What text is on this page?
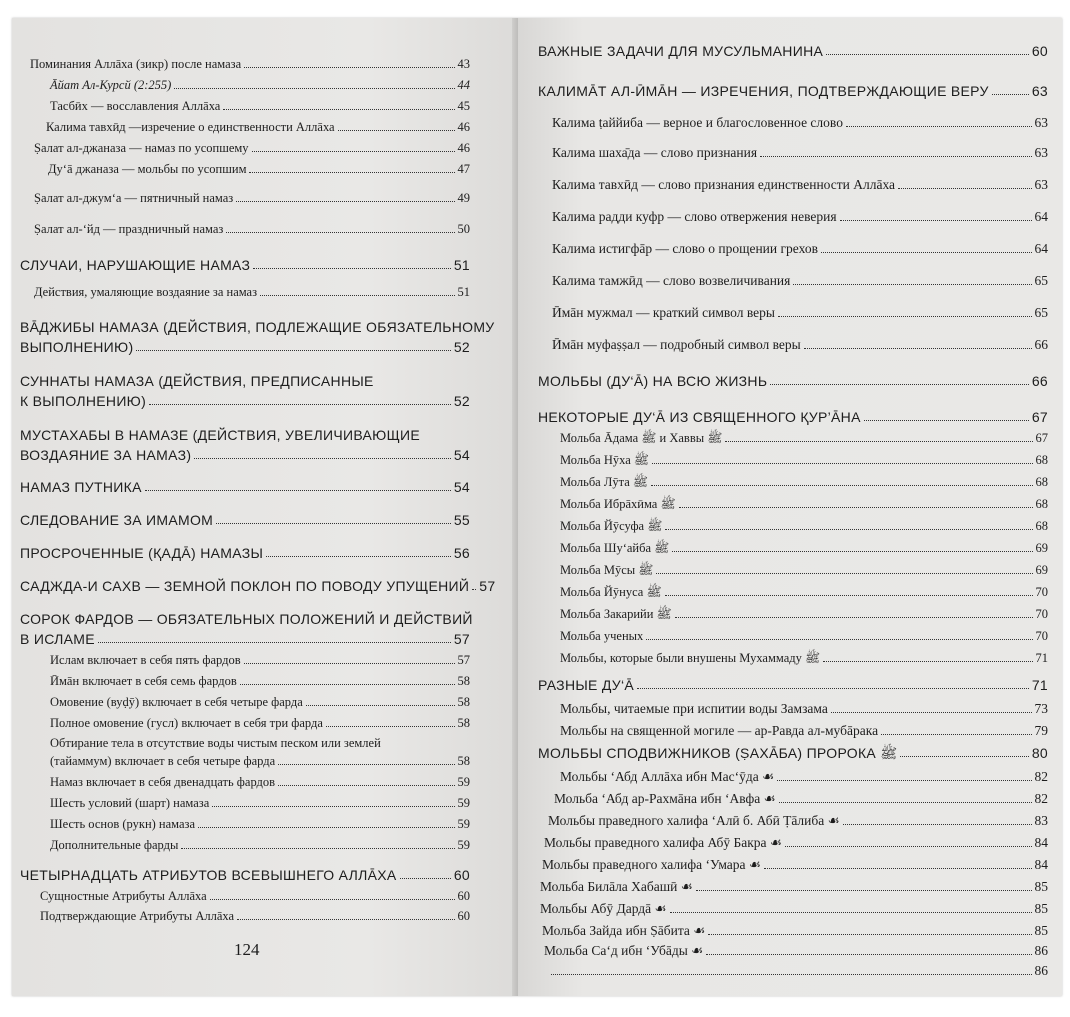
Поминания Аллāха (зикр) после намаза	43
Āйат Ал-Курсй (2:255)	44
Тасбӣх — восславления Аллāха	45
Калима тавхӣд —изречение о единственности Аллāха	46
Ṣалат ал-джаназа — намаз по усопшему	46
Ду‘ā джаназа — мольбы по усопшим	47
Ṣалат ал-джум‘а — пятничный намаз	49
Ṣалат ал-‘йд — праздничный намаз	50
СЛУЧАИ, НАРУШАЮЩИЕ НАМАЗ	51
Действия, умаляющие воздаяние за намаз	51
ВĀДЖИБЫ НАМАЗА (ДЕЙСТВИЯ, ПОДЛЕЖАЩИЕ ОБЯЗАТЕЛЬНОМУ
ВЫПОЛНЕНИЮ)	52
СУННАТЫ НАМАЗА (ДЕЙСТВИЯ, ПРЕДПИСАННЫЕ
К ВЫПОЛНЕНИЮ)	52
МУСТАХАБЫ В НАМАЗЕ (ДЕЙСТВИЯ, УВЕЛИЧИВАЮЩИЕ
ВОЗДАЯНИЕ ЗА НАМАЗ)	54
НАМАЗ ПУТНИКА	54
СЛЕДОВАНИЕ ЗА ИМАМОМ	55
ПРОСРОЧЕННЫЕ (ҚАДĀ) НАМАЗЫ	56
САДЖДА-И САХВ — ЗЕМНОЙ ПОКЛОН ПО ПОВОДУ УПУЩЕНИЙ 57
СОРОК ФАРДОВ — ОБЯЗАТЕЛЬНЫХ ПОЛОЖЕНИЙ И ДЕЙСТВИЙ
В ИСЛАМЕ	57
Ислам включает в себя пять фардов	57
Ӣмāн включает в себя семь фардов	58
Омовение (вуḍӯ) включает в себя четыре фарда	58
Полное омовение (гусл) включает в себя три фарда	58
Обтирание тела в отсутствие воды чистым песком или землей
(тайаммум) включает в себя четыре фарда	58
Намаз включает в себя двенадцать фардов	59
Шесть условий (шарт) намаза	59
Шесть основ (рукн) намаза	59
Дополнительные фарды	59
ЧЕТЫРНАДЦАТЬ АТРИБУТОВ ВСЕВЫШНЕГО АЛЛĀХА	60
Сущностные Атрибуты Аллāха	60
Подтверждающие Атрибуты Аллāха	60
124
ВАЖНЫЕ ЗАДАЧИ ДЛЯ МУСУЛЬМАНИНА	60
КАЛИМĀТ АЛ-ӢМĀН — ИЗРЕЧЕНИЯ, ПОДТВЕРЖДАЮЩИЕ ВЕРУ	63
Калима ṭаййиба — верное и благословенное слово	63
Калима шаха̄да — слово признания	63
Калима тавхӣд — слово признания единственности Аллāха	63
Калима радди куфр — слово отвержения неверия	64
Калима истигфāр — слово о прощении грехов	64
Калима тамжӣд — слово возвеличивания	65
Ӣмāн мужмал — краткий символ веры	65
Ӣмāн муфаṣṣал — подробный символ веры	66
МОЛЬБЫ (ДУ‘Ā) НА ВСЮ ЖИЗНЬ	66
НЕКОТОРЫЕ ДУ‘Ā ИЗ СВЯЩЕННОГО ҚУР’ĀНА	67
Мольба Āдама ﷺ и Хаввы ﷺ	67
Мольба Нӯха ﷺ	68
Мольба Лӯта ﷺ	68
Мольба Ибрāхӣма ﷺ	68
Мольба Йӯсуфа ﷺ	68
Мольба Шу‘айба ﷺ	69
Мольба Мӯсы ﷺ	69
Мольба Йӯнуса ﷺ	70
Мольба Закарийи ﷺ	70
Мольба ученых	70
Мольбы, которые были внушены Мухаммаду ﷺ	71
РАЗНЫЕ ДУ‘Ā	71
Мольбы, читаемые при испитии воды Замзама	73
Мольбы на священной могиле — ар-Равда ал-мубāрака	79
МОЛЬБЫ СПОДВИЖНИКОВ (ṢАХĀБА) ПРОРОКА ﷺ	80
Мольбы ‘Абд Аллāха ибн Мас‘ӯда ☙	82
Мольба ‘Абд ар-Рахмāна ибн ‘Авфа ☙	82
Мольбы праведного халифа ‘Алӣ б. Абӣ Ṭāлиба ☙	83
Мольбы праведного халифа Абӯ Бакра ☙	84
Мольбы праведного халифа ‘Умара ☙	84
Мольба Билāла Хабашӣ ☙	85
Мольбы Абӯ Дардā ☙	85
Мольба Зайда ибн Ṣāбита ☙	85
Мольба Са‘д ибн ‘Убāды ☙	86
86
